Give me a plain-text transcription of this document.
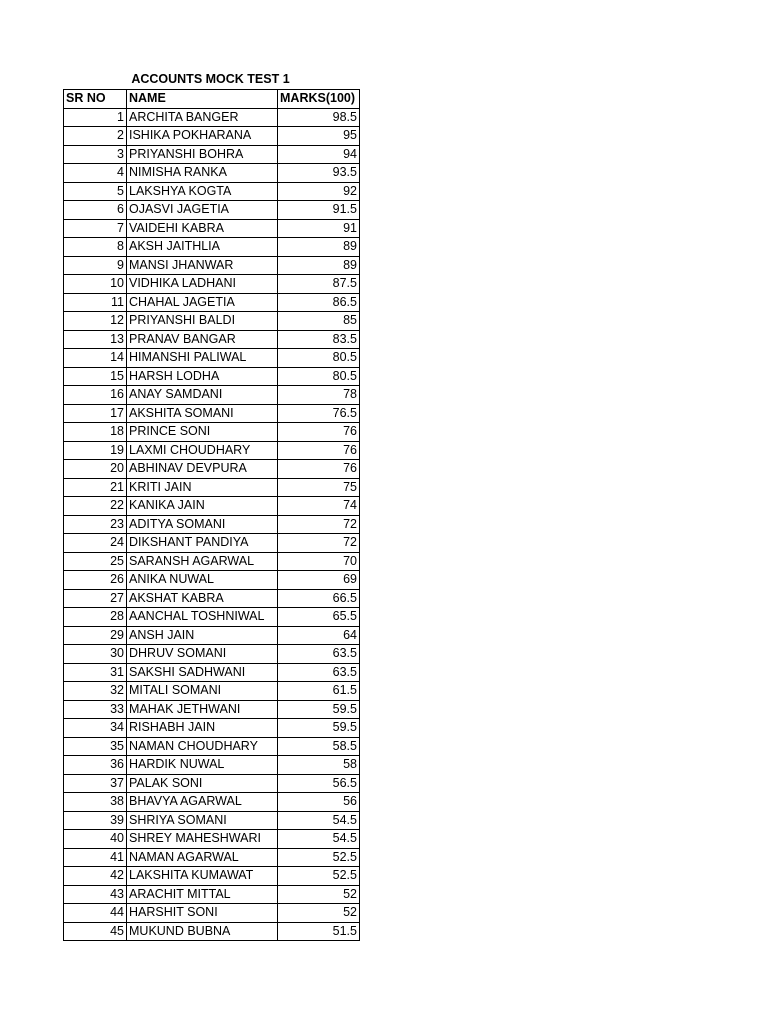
ACCOUNTS MOCK TEST 1
SR NO	NAME	MARKS(100)
1	ARCHITA BANGER	98.5
2	ISHIKA POKHARANA	95
3	PRIYANSHI BOHRA	94
4	NIMISHA RANKA	93.5
5	LAKSHYA KOGTA	92
6	OJASVI JAGETIA	91.5
7	VAIDEHI KABRA	91
8	AKSH JAITHLIA	89
9	MANSI JHANWAR	89
10	VIDHIKA LADHANI	87.5
11	CHAHAL JAGETIA	86.5
12	PRIYANSHI BALDI	85
13	PRANAV BANGAR	83.5
14	HIMANSHI PALIWAL	80.5
15	HARSH LODHA	80.5
16	ANAY SAMDANI	78
17	AKSHITA SOMANI	76.5
18	PRINCE SONI	76
19	LAXMI CHOUDHARY	76
20	ABHINAV DEVPURA	76
21	KRITI JAIN	75
22	KANIKA JAIN	74
23	ADITYA SOMANI	72
24	DIKSHANT PANDIYA	72
25	SARANSH AGARWAL	70
26	ANIKA NUWAL	69
27	AKSHAT KABRA	66.5
28	AANCHAL TOSHNIWAL	65.5
29	ANSH JAIN	64
30	DHRUV SOMANI	63.5
31	SAKSHI SADHWANI	63.5
32	MITALI SOMANI	61.5
33	MAHAK JETHWANI	59.5
34	RISHABH JAIN	59.5
35	NAMAN CHOUDHARY	58.5
36	HARDIK NUWAL	58
37	PALAK SONI	56.5
38	BHAVYA AGARWAL	56
39	SHRIYA SOMANI	54.5
40	SHREY MAHESHWARI	54.5
41	NAMAN AGARWAL	52.5
42	LAKSHITA KUMAWAT	52.5
43	ARACHIT MITTAL	52
44	HARSHIT SONI	52
45	MUKUND BUBNA	51.5
